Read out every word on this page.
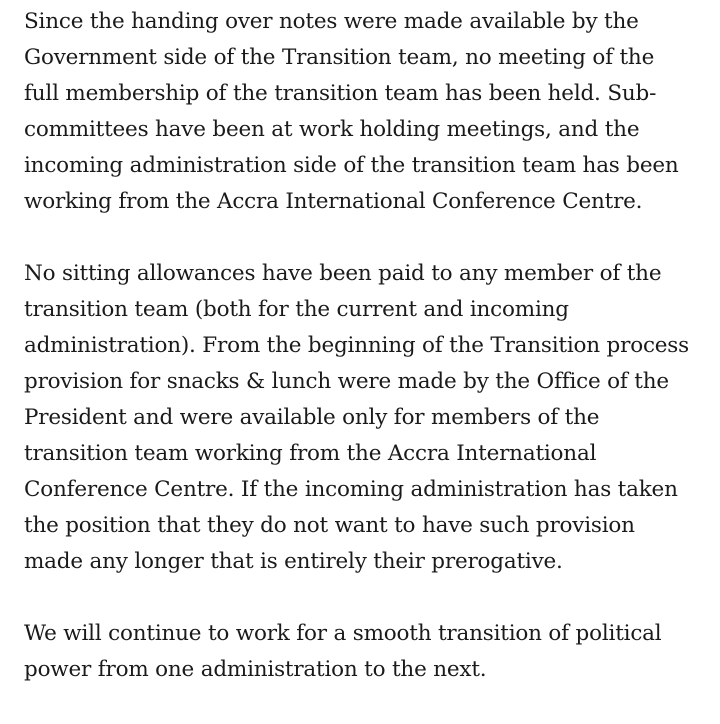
Since the handing over notes were made available by the
Government side of the Transition team, no meeting of the
full membership of the transition team has been held. Sub-
committees have been at work holding meetings, and the
incoming administration side of the transition team has been
working from the Accra International Conference Centre.

No sitting allowances have been paid to any member of the
transition team (both for the current and incoming
administration). From the beginning of the Transition process
provision for snacks & lunch were made by the Office of the
President and were available only for members of the
transition team working from the Accra International
Conference Centre. If the incoming administration has taken
the position that they do not want to have such provision
made any longer that is entirely their prerogative.

We will continue to work for a smooth transition of political
power from one administration to the next.
